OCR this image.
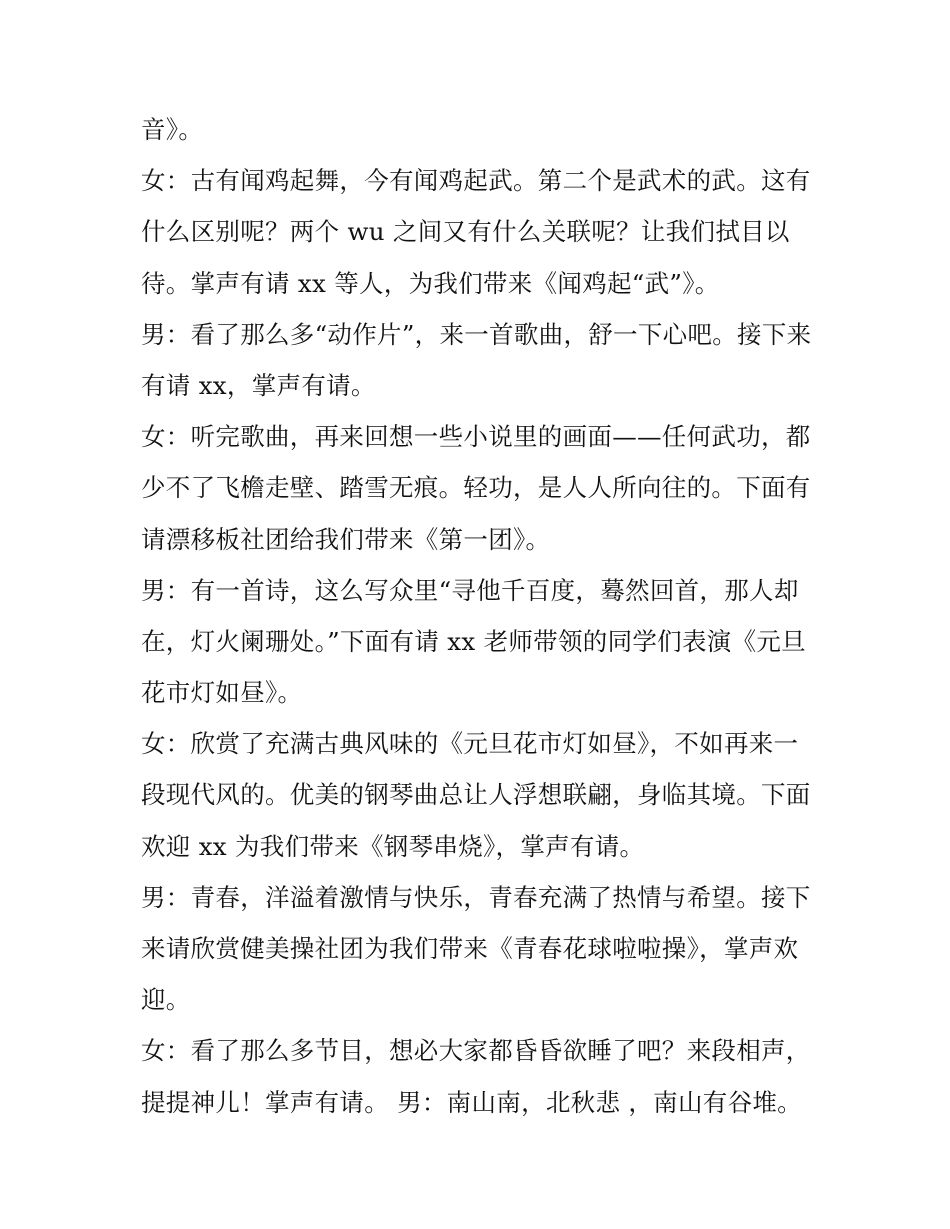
音》。
女：古有闻鸡起舞，今有闻鸡起武。第二个是武术的武。这有
什么区别呢？两个 wu 之间又有什么关联呢？让我们拭目以
待。掌声有请 xx 等人，为我们带来《闻鸡起“武”》。
男：看了那么多“动作片”，来一首歌曲，舒一下心吧。接下来
有请 xx，掌声有请。
女：听完歌曲，再来回想一些小说里的画面——任何武功，都
少不了飞檐走壁、踏雪无痕。轻功，是人人所向往的。下面有
请漂移板社团给我们带来《第一团》。
男：有一首诗，这么写众里“寻他千百度，蓦然回首，那人却
在，灯火阑珊处。”下面有请 xx 老师带领的同学们表演《元旦
花市灯如昼》。
女：欣赏了充满古典风味的《元旦花市灯如昼》，不如再来一
段现代风的。优美的钢琴曲总让人浮想联翩，身临其境。下面
欢迎 xx 为我们带来《钢琴串烧》，掌声有请。
男：青春，洋溢着激情与快乐，青春充满了热情与希望。接下
来请欣赏健美操社团为我们带来《青春花球啦啦操》，掌声欢
迎。
女：看了那么多节目，想必大家都昏昏欲睡了吧？来段相声，
提提神儿！掌声有请。 男：南山南，北秋悲 ，南山有谷堆。
